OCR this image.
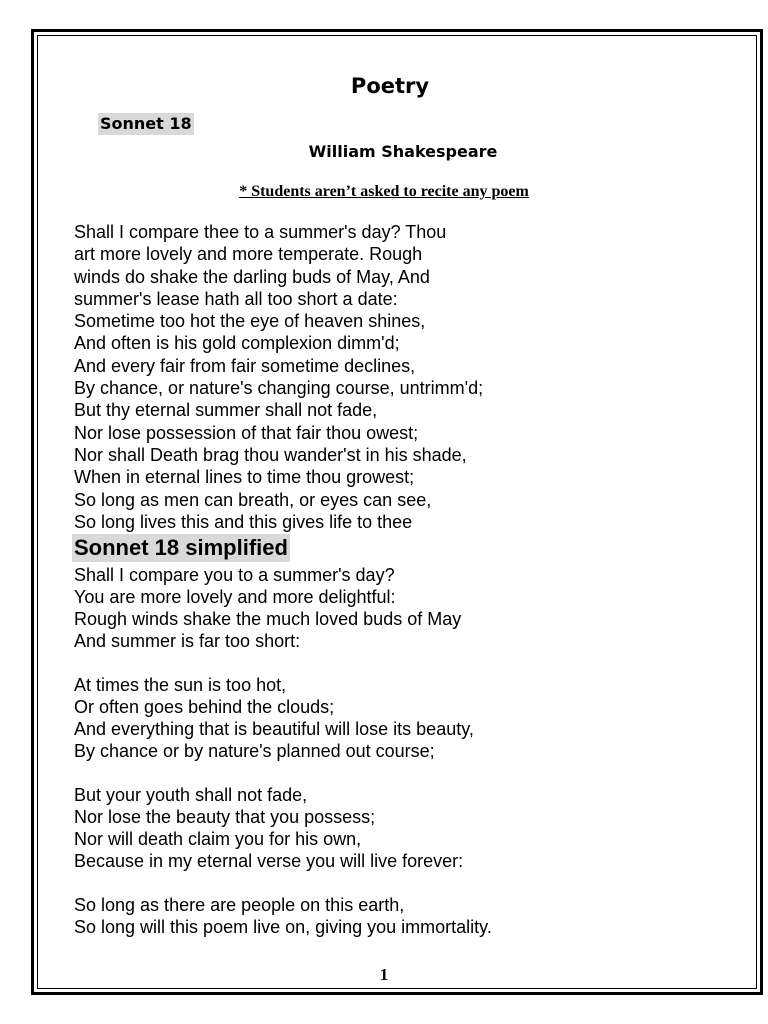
Poetry
Sonnet 18
William Shakespeare
* Students aren’t asked to recite any poem
Shall I compare thee to a summer's day? Thou
art more lovely and more temperate. Rough
winds do shake the darling buds of May, And
summer's lease hath all too short a date:
Sometime too hot the eye of heaven shines,
And often is his gold complexion dimm'd;
And every fair from fair sometime declines,
By chance, or nature's changing course, untrimm'd;
But thy eternal summer shall not fade,
Nor lose possession of that fair thou owest;
Nor shall Death brag thou wander'st in his shade,
When in eternal lines to time thou growest;
So long as men can breath, or eyes can see,
So long lives this and this gives life to thee
Sonnet 18 simplified
Shall I compare you to a summer's day?
You are more lovely and more delightful:
Rough winds shake the much loved buds of May
And summer is far too short:
At times the sun is too hot,
Or often goes behind the clouds;
And everything that is beautiful will lose its beauty,
By chance or by nature's planned out course;
But your youth shall not fade,
Nor lose the beauty that you possess;
Nor will death claim you for his own,
Because in my eternal verse you will live forever:
So long as there are people on this earth,
So long will this poem live on, giving you immortality.
1
